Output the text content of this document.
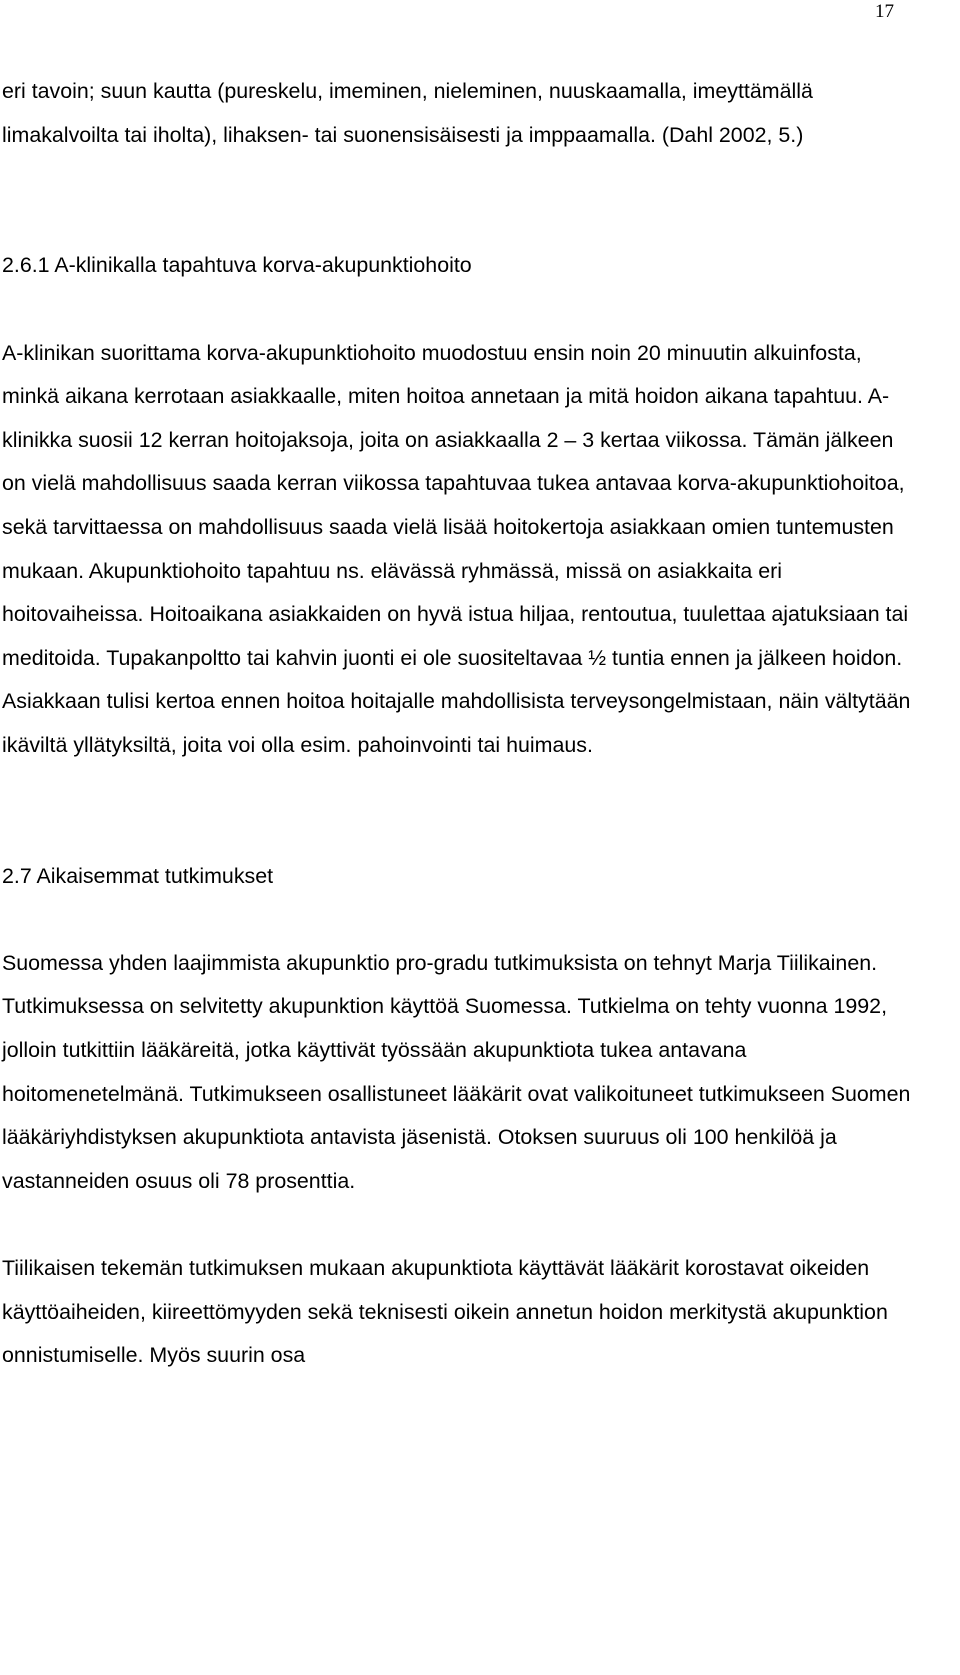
17

eri tavoin; suun kautta (pureskelu, imeminen, nieleminen, nuuskaamalla, imeyttämällä limakalvoilta tai iholta), lihaksen- tai suonensisäisesti ja imppaamalla. (Dahl 2002, 5.)

2.6.1 A-klinikalla tapahtuva korva-akupunktiohoito

A-klinikan suorittama korva-akupunktiohoito muodostuu ensin noin 20 minuutin alkuinfosta, minkä aikana kerrotaan asiakkaalle, miten hoitoa annetaan ja mitä hoidon aikana tapahtuu. A-klinikka suosii 12 kerran hoitojaksoja, joita on asiakkaalla 2 – 3 kertaa viikossa. Tämän jälkeen on vielä mahdollisuus saada kerran viikossa tapahtuvaa tukea antavaa korva-akupunktiohoitoa, sekä tarvittaessa on mahdollisuus saada vielä lisää hoitokertoja asiakkaan omien tuntemusten mukaan. Akupunktiohoito tapahtuu ns. elävässä ryhmässä, missä on asiakkaita eri hoitovaiheissa. Hoitoaikana asiakkaiden on hyvä istua hiljaa, rentoutua, tuulettaa ajatuksiaan tai meditoida. Tupakanpoltto tai kahvin juonti ei ole suositeltavaa ½ tuntia ennen ja jälkeen hoidon. Asiakkaan tulisi kertoa ennen hoitoa hoitajalle mahdollisista terveysongelmistaan, näin vältytään ikäviltä yllätyksiltä, joita voi olla esim. pahoinvointi tai huimaus.

2.7 Aikaisemmat tutkimukset

Suomessa yhden laajimmista akupunktio pro-gradu tutkimuksista on tehnyt Marja Tiilikainen. Tutkimuksessa on selvitetty akupunktion käyttöä Suomessa. Tutkielma on tehty vuonna 1992, jolloin tutkittiin lääkäreitä, jotka käyttivät työssään akupunktiota tukea antavana hoitomenetelmänä. Tutkimukseen osallistuneet lääkärit ovat valikoituneet tutkimukseen Suomen lääkäriyhdistyksen akupunktiota antavista jäsenistä. Otoksen suuruus oli 100 henkilöä ja vastanneiden osuus oli 78 prosenttia.

Tiilikaisen tekemän tutkimuksen mukaan akupunktiota käyttävät lääkärit korostavat oikeiden käyttöaiheiden, kiireettömyyden sekä teknisesti oikein annetun hoidon merkitystä akupunktion onnistumiselle. Myös suurin osa
